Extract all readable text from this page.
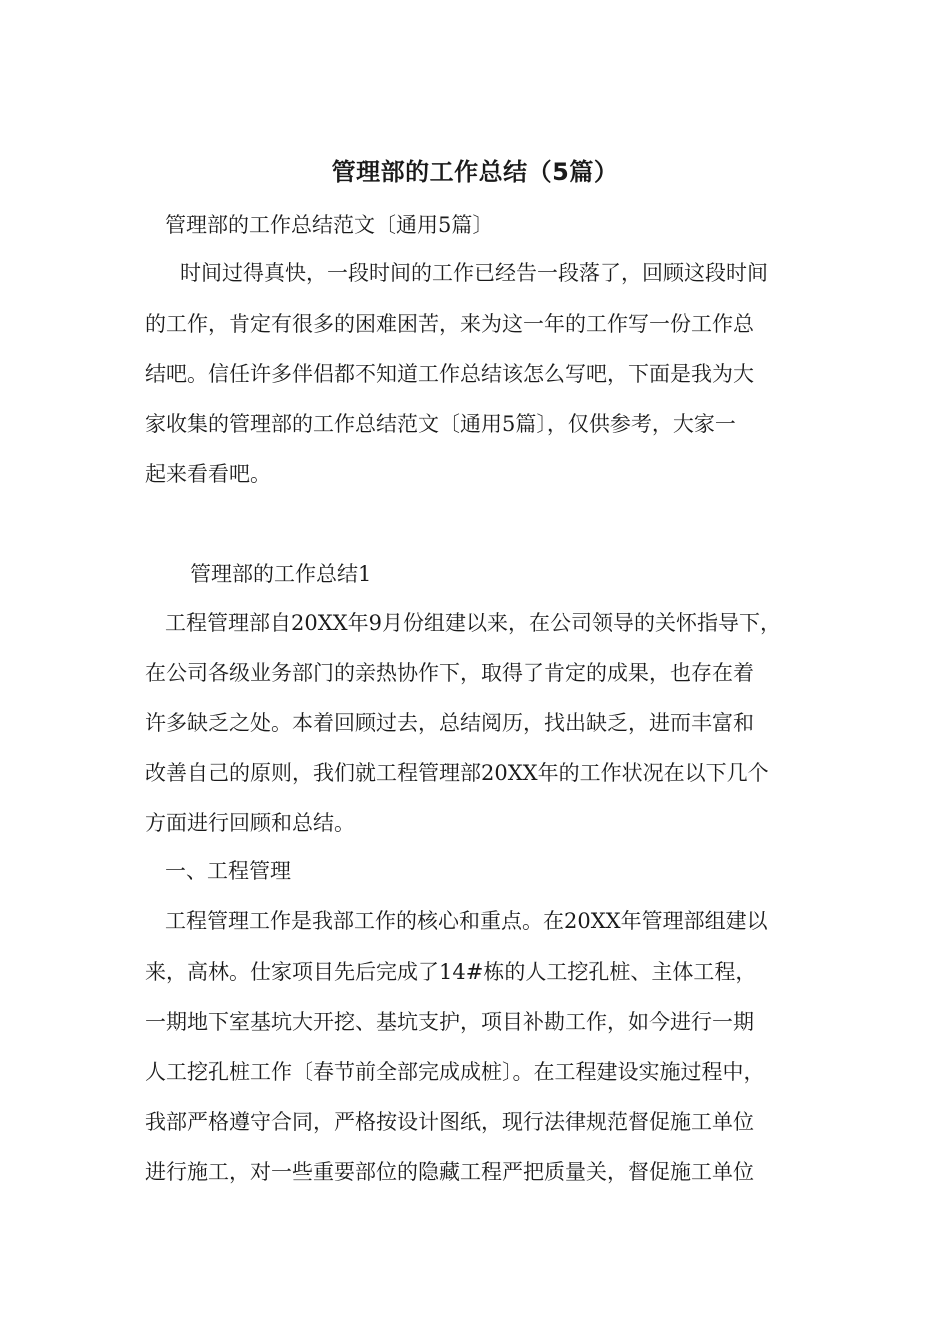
管理部的工作总结（5篇）
管理部的工作总结范文〔通用5篇〕
时间过得真快，一段时间的工作已经告一段落了，回顾这段时间
的工作，肯定有很多的困难困苦，来为这一年的工作写一份工作总
结吧。信任许多伴侣都不知道工作总结该怎么写吧，下面是我为大
家收集的管理部的工作总结范文〔通用5篇〕，仅供参考，大家一
起来看看吧。
管理部的工作总结1
工程管理部自20XX年9月份组建以来，在公司领导的关怀指导下，
在公司各级业务部门的亲热协作下，取得了肯定的成果，也存在着
许多缺乏之处。本着回顾过去，总结阅历，找出缺乏，进而丰富和
改善自己的原则，我们就工程管理部20XX年的工作状况在以下几个
方面进行回顾和总结。
一、工程管理
工程管理工作是我部工作的核心和重点。在20XX年管理部组建以
来，高林。仕家项目先后完成了14#栋的人工挖孔桩、主体工程，
一期地下室基坑大开挖、基坑支护，项目补勘工作，如今进行一期
人工挖孔桩工作〔春节前全部完成成桩〕。在工程建设实施过程中，
我部严格遵守合同，严格按设计图纸，现行法律规范督促施工单位
进行施工，对一些重要部位的隐藏工程严把质量关，督促施工单位
